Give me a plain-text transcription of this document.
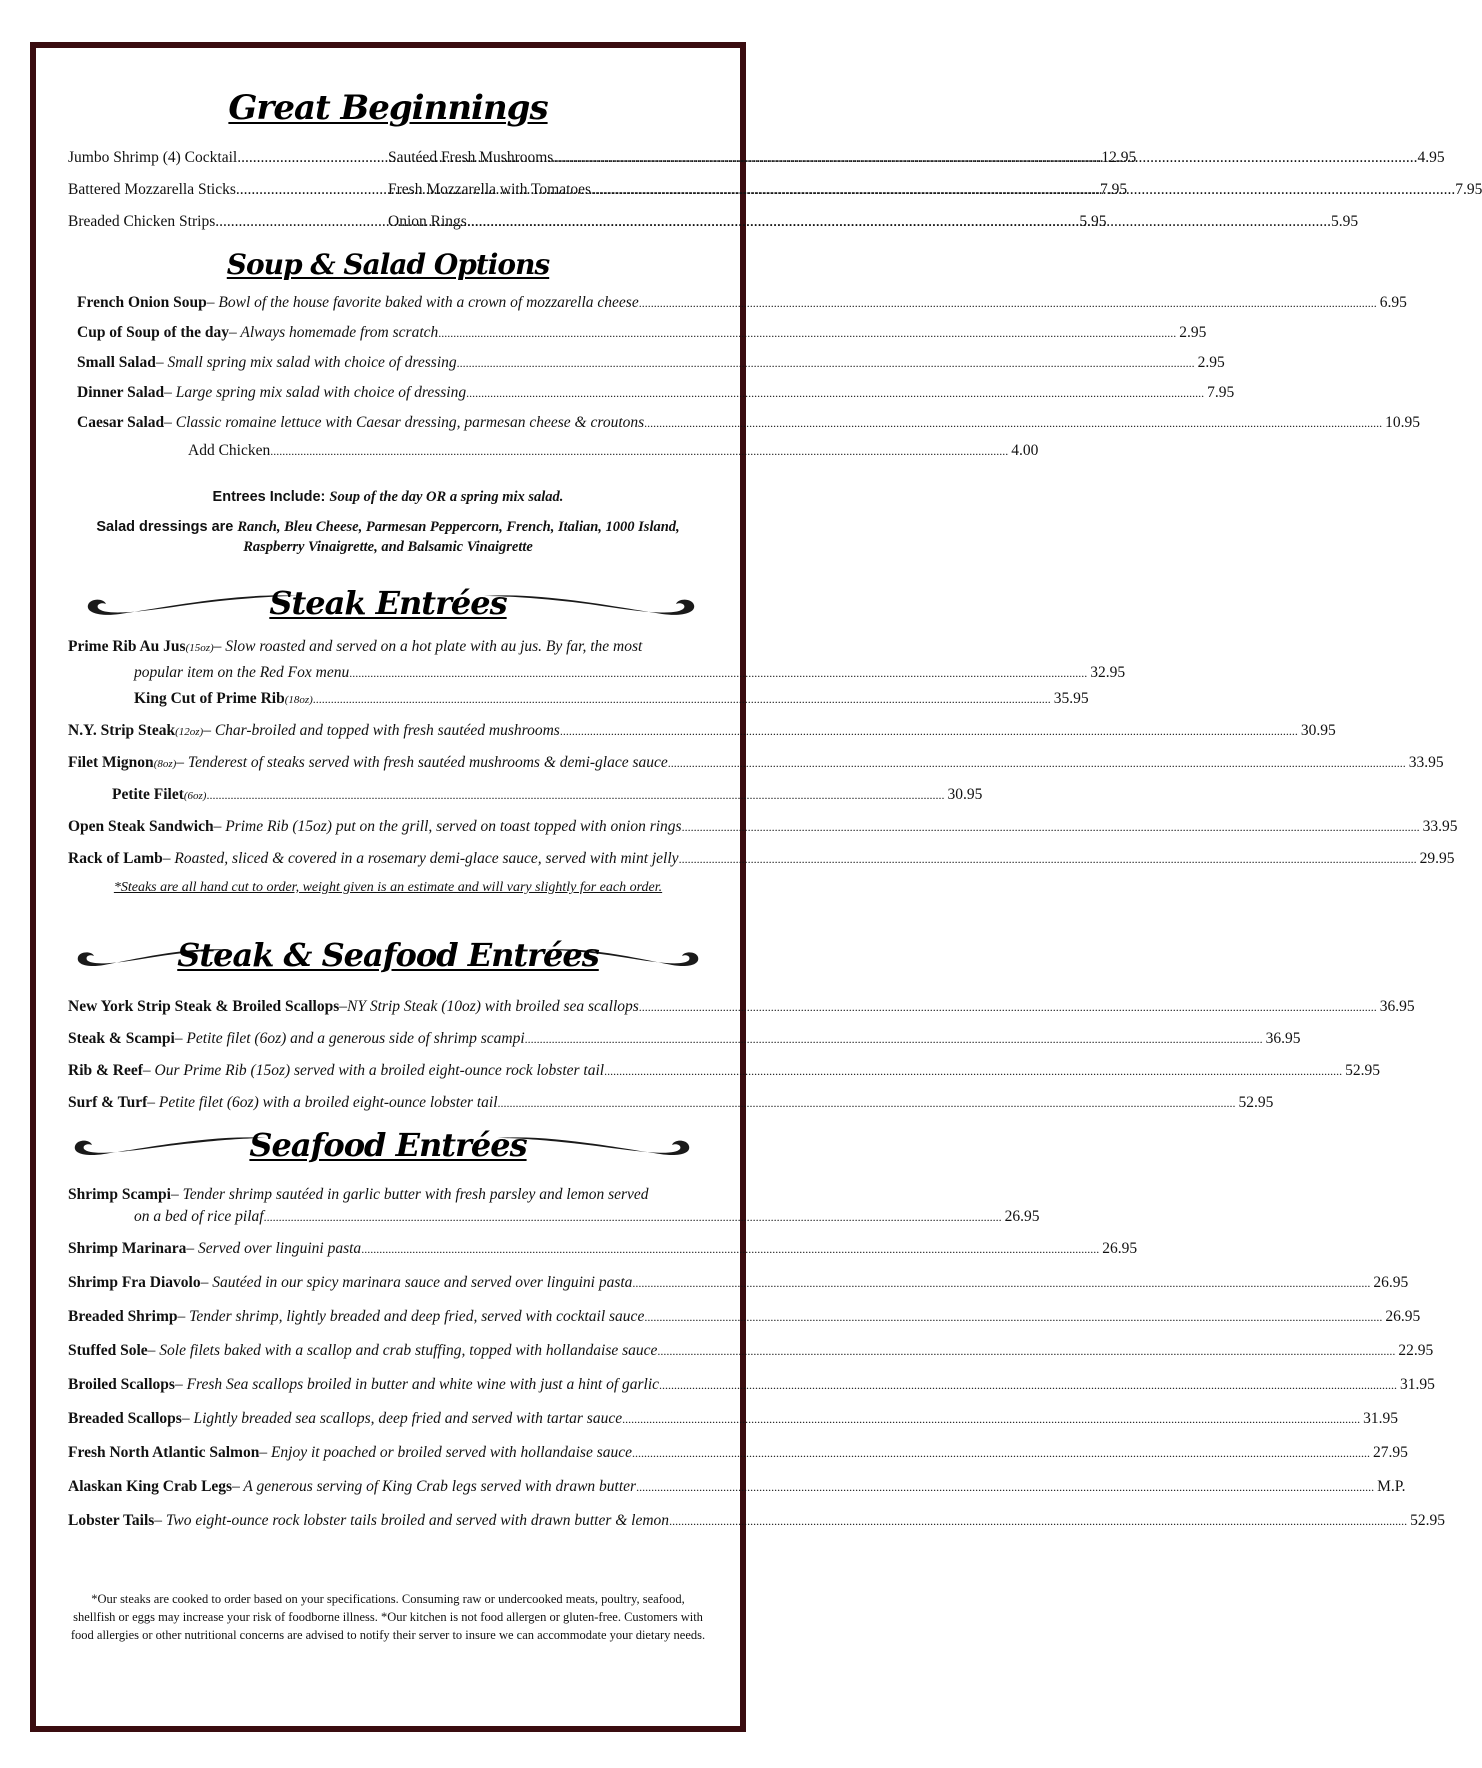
Great Beginnings
Jumbo Shrimp (4) Cocktail .....	12.95
Sautéed Fresh Mushrooms .....	4.95
Battered Mozzarella Sticks .....	7.95
Fresh Mozzarella with Tomatoes .....	7.95
Breaded Chicken Strips .....	5.95
Onion Rings .....	5.95
Soup & Salad Options
French Onion Soup – Bowl of the house favorite baked with a crown of mozzarella cheese .....	6.95
Cup of Soup of the day – Always homemade from scratch .....	2.95
Small Salad – Small spring mix salad with choice of dressing .....	2.95
Dinner Salad – Large spring mix salad with choice of dressing .....	7.95
Caesar Salad – Classic romaine lettuce with Caesar dressing, parmesan cheese & croutons .....	10.95
Add Chicken .....	4.00
Entrees Include: Soup of the day OR a spring mix salad.
Salad dressings are Ranch, Bleu Cheese, Parmesan Peppercorn, French, Italian, 1000 Island,
Raspberry Vinaigrette, and Balsamic Vinaigrette
Steak Entrées
Prime Rib Au Jus (15oz) – Slow roasted and served on a hot plate with au jus. By far, the most
popular item on the Red Fox menu .....	32.95
King Cut of Prime Rib (18oz) .....	35.95
N.Y. Strip Steak (12oz) – Char-broiled and topped with fresh sautéed mushrooms .....	30.95
Filet Mignon (8oz) – Tenderest of steaks served with fresh sautéed mushrooms & demi-glace sauce .....	33.95
Petite Filet (6oz) .....	30.95
Open Steak Sandwich – Prime Rib (15oz) put on the grill, served on toast topped with onion rings .....	33.95
Rack of Lamb – Roasted, sliced & covered in a rosemary demi-glace sauce, served with mint jelly .....	29.95
*Steaks are all hand cut to order, weight given is an estimate and will vary slightly for each order.
Steak & Seafood Entrées
New York Strip Steak & Broiled Scallops –NY Strip Steak (10oz) with broiled sea scallops .....	36.95
Steak & Scampi – Petite filet (6oz) and a generous side of shrimp scampi .....	36.95
Rib & Reef – Our Prime Rib (15oz) served with a broiled eight-ounce rock lobster tail .....	52.95
Surf & Turf – Petite filet (6oz) with a broiled eight-ounce lobster tail .....	52.95
Seafood Entrées
Shrimp Scampi – Tender shrimp sautéed in garlic butter with fresh parsley and lemon served
on a bed of rice pilaf .....	26.95
Shrimp Marinara – Served over linguini pasta .....	26.95
Shrimp Fra Diavolo – Sautéed in our spicy marinara sauce and served over linguini pasta .....	26.95
Breaded Shrimp – Tender shrimp, lightly breaded and deep fried, served with cocktail sauce .....	26.95
Stuffed Sole – Sole filets baked with a scallop and crab stuffing, topped with hollandaise sauce .....	22.95
Broiled Scallops – Fresh Sea scallops broiled in butter and white wine with just a hint of garlic .....	31.95
Breaded Scallops – Lightly breaded sea scallops, deep fried and served with tartar sauce .....	31.95
Fresh North Atlantic Salmon – Enjoy it poached or broiled served with hollandaise sauce .....	27.95
Alaskan King Crab Legs – A generous serving of King Crab legs served with drawn butter .....	M.P.
Lobster Tails – Two eight-ounce rock lobster tails broiled and served with drawn butter & lemon .....	52.95
*Our steaks are cooked to order based on your specifications. Consuming raw or undercooked meats, poultry, seafood, shellfish or eggs may increase your risk of foodborne illness. *Our kitchen is not food allergen or gluten-free. Customers with food allergies or other nutritional concerns are advised to notify their server to insure we can accommodate your dietary needs.
